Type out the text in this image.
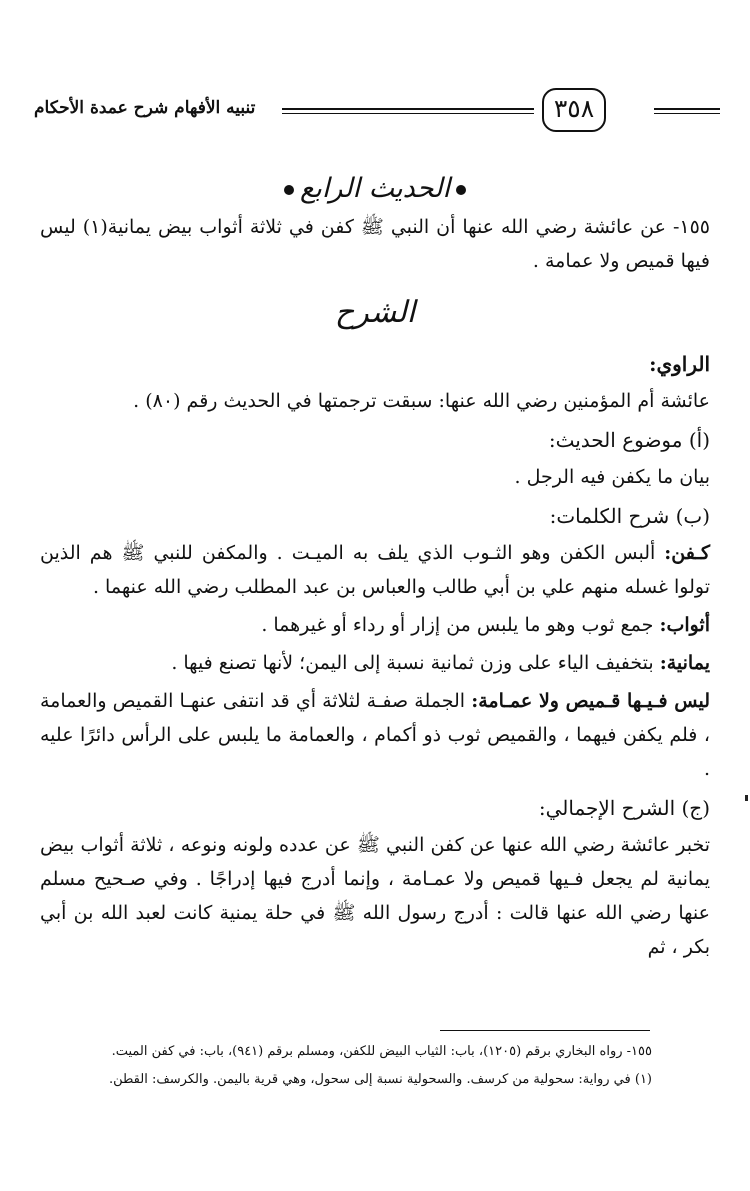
٣٥٨
تنبيه الأفهام شرح عمدة الأحكام
الحديث الرابع

١٥٥- عن عائشة رضي الله عنها أن النبي ﷺ كفن في ثلاثة أثواب بيض يمانية(١) ليس فيها قميص ولا عمامة .

الشرح
الراوي:

عائشة أم المؤمنين رضي الله عنها: سبقت ترجمتها في الحديث رقم (٨٠) .

(أ) موضوع الحديث:

بيان ما يكفن فيه الرجل .

(ب) شرح الكلمات:

كـفن: ألبس الكفن وهو الثـوب الذي يلف به الميـت . والمكفن للنبي ﷺ هم الذين تولوا غسله منهم علي بن أبي طالب والعباس بن عبد المطلب رضي الله عنهما .

أثواب: جمع ثوب وهو ما يلبس من إزار أو رداء أو غيرهما .

يمانية: بتخفيف الياء على وزن ثمانية نسبة إلى اليمن؛ لأنها تصنع فيها .

ليس فـيـها قـميص ولا عمـامة: الجملة صفـة لثلاثة أي قد انتفى عنهـا القميص والعمامة ، فلم يكفن فيهما ، والقميص ثوب ذو أكمام ، والعمامة ما يلبس على الرأس دائرًا عليه .

(ج) الشرح الإجمالي:

تخبر عائشة رضي الله عنها عن كفن النبي ﷺ عن عدده ولونه ونوعه ، ثلاثة أثواب بيض يمانية لم يجعل فـيها قميص ولا عمـامة ، وإنما أدرج فيها إدراجًا . وفي صـحيح مسلم عنها رضي الله عنها قالت : أدرج رسول الله ﷺ في حلة يمنية كانت لعبد الله بن أبي بكر ، ثم

١٥٥- رواه البخاري برقم (١٢٠٥)، باب: الثياب البيض للكفن، ومسلم برقم (٩٤١)، باب: في كفن الميت.
(١) في رواية: سحولية من كرسف. والسحولية نسبة إلى سحول، وهي قرية باليمن. والكرسف: القطن.
